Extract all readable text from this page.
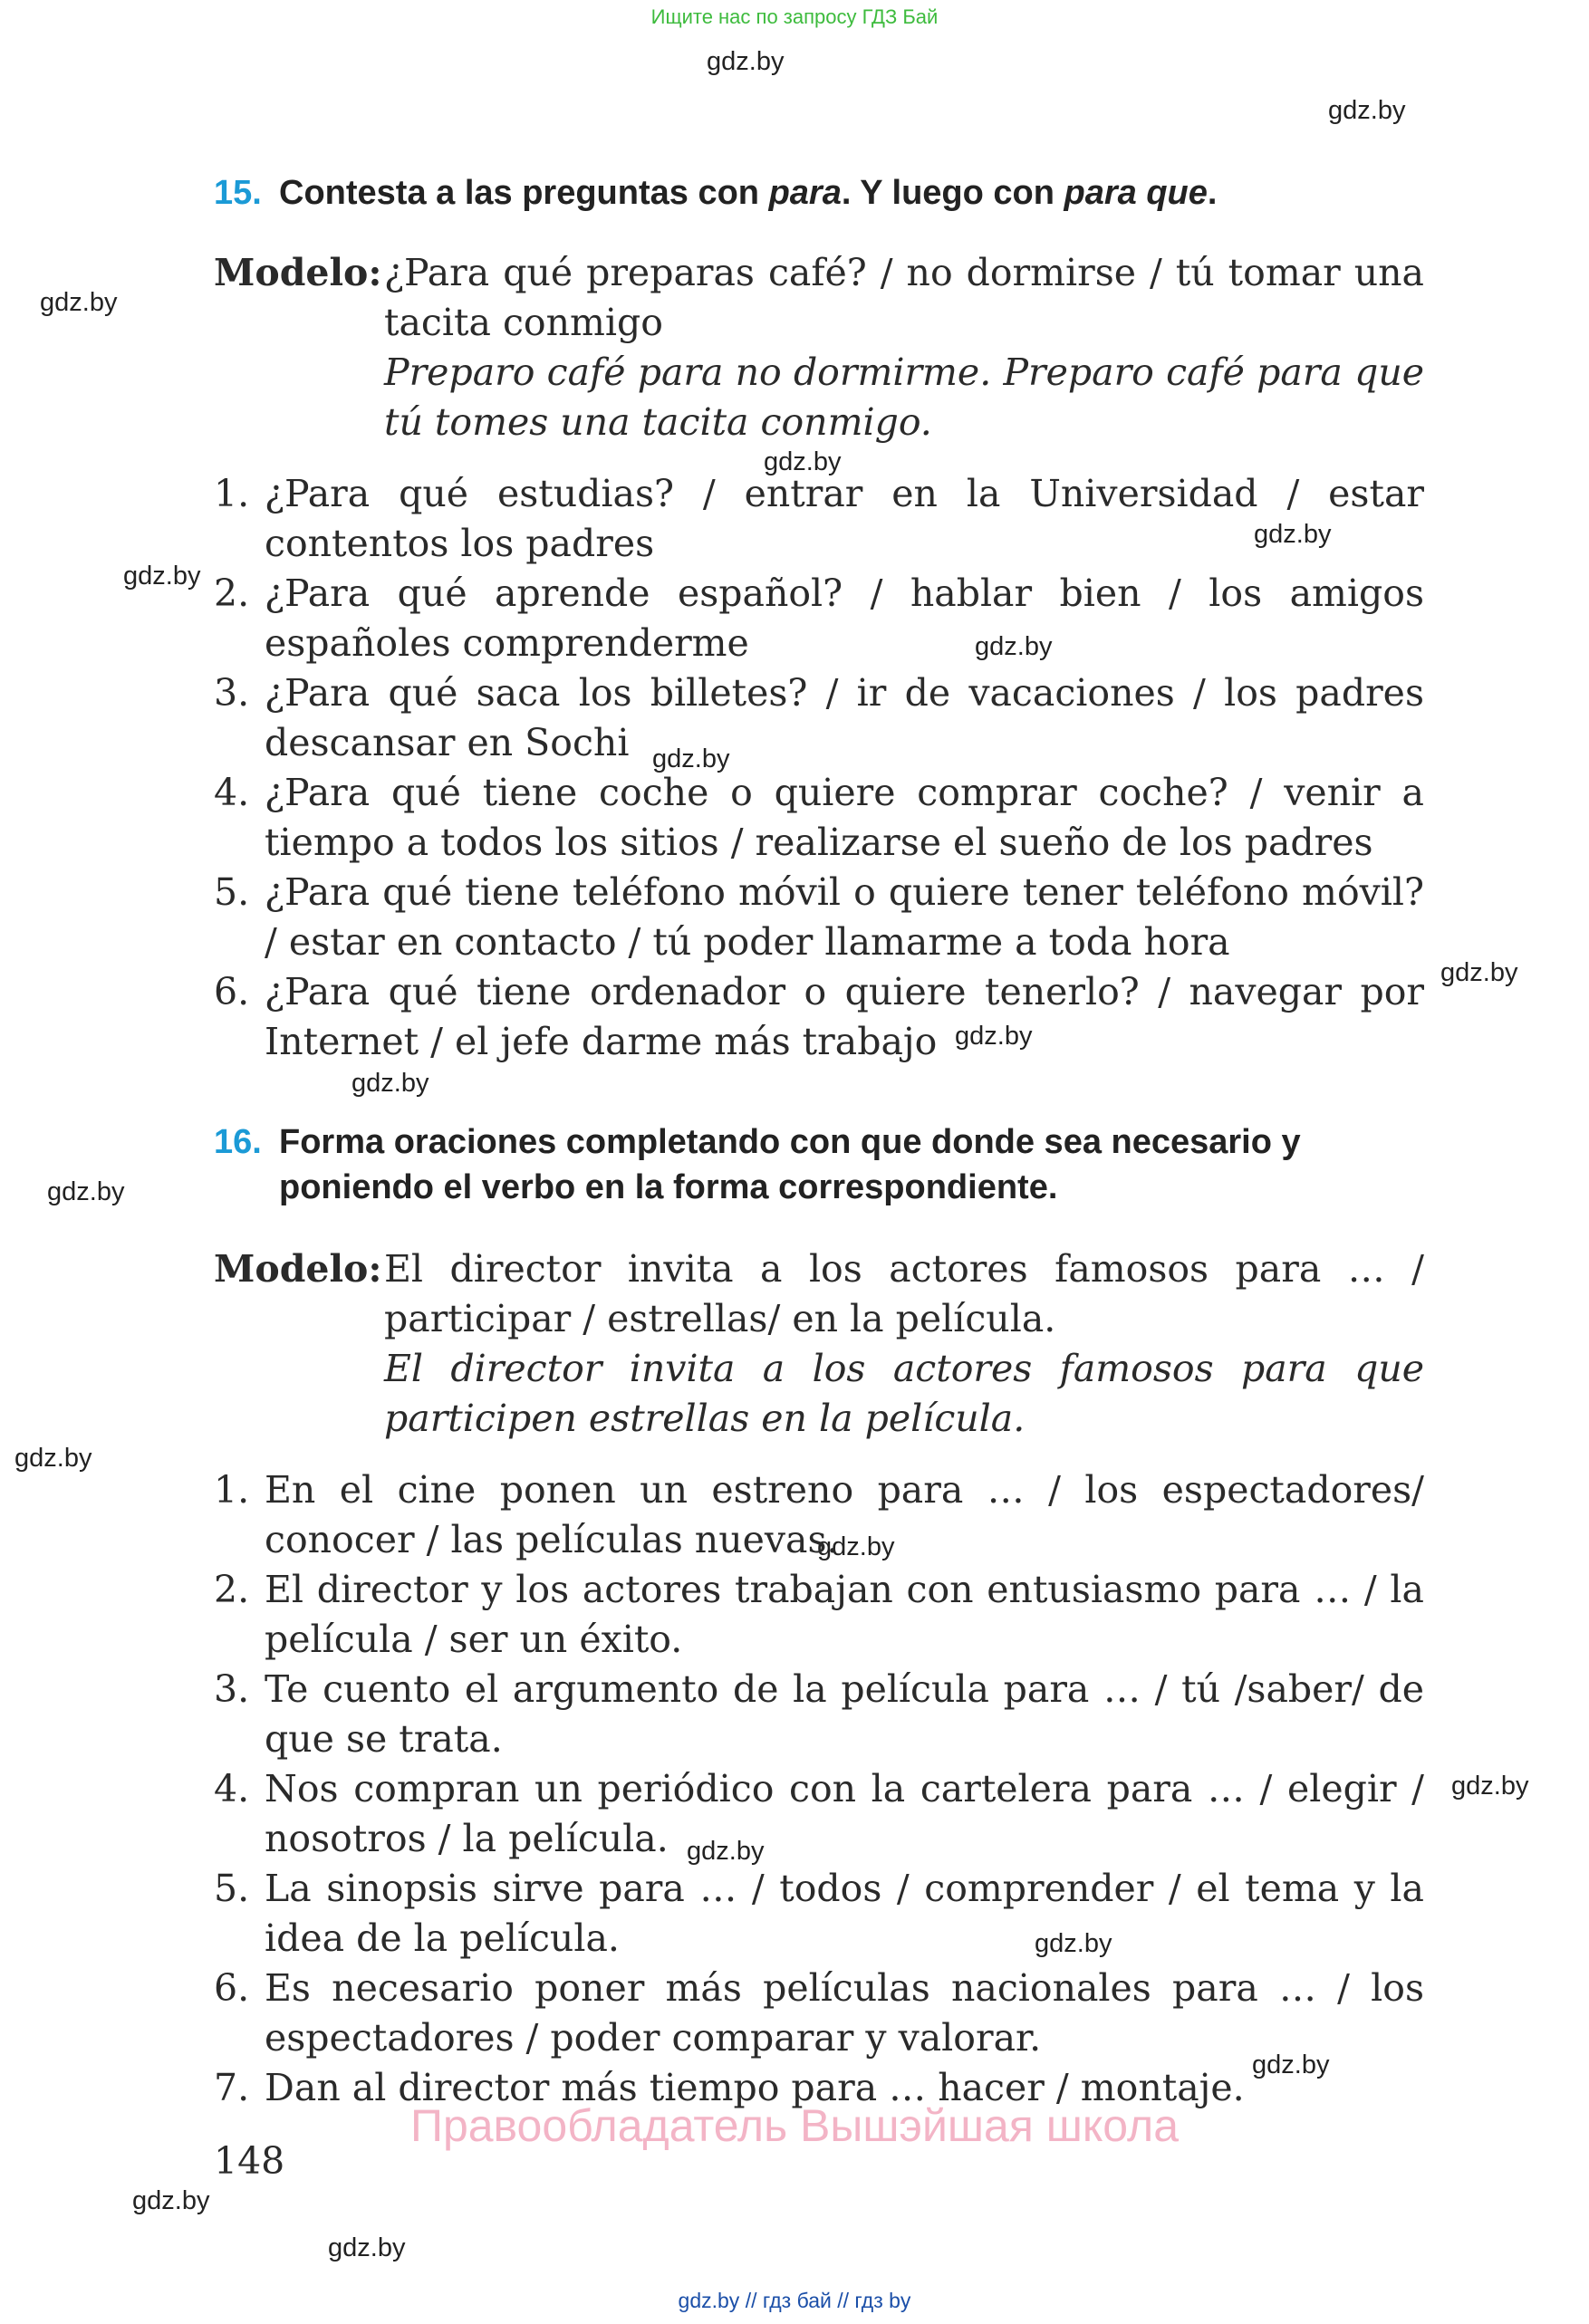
Ищите нас по запросу ГДЗ Бай
gdz.by
gdz.by
gdz.by
gdz.by
gdz.by
gdz.by
gdz.by
gdz.by
gdz.by
gdz.by
gdz.by
gdz.by
gdz.by
gdz.by
gdz.by
gdz.by
gdz.by
gdz.by
gdz.by
gdz.by
15. Contesta a las preguntas con para. Y luego con para que.
Modelo: ¿Para qué preparas café? / no dormirse / tú tomar una tacita conmigo
Preparo café para no dormirme. Preparo café para que tú tomes una tacita conmigo.
1. ¿Para qué estudias? / entrar en la Universidad / estar contentos los padres
2. ¿Para qué aprende español? / hablar bien / los amigos españoles comprenderme
3. ¿Para qué saca los billetes? / ir de vacaciones / los padres descansar en Sochi
4. ¿Para qué tiene coche o quiere comprar coche? / venir a tiempo a todos los sitios / realizarse el sueño de los padres
5. ¿Para qué tiene teléfono móvil o quiere tener teléfono móvil? / estar en contacto / tú poder llamarme a toda hora
6. ¿Para qué tiene ordenador o quiere tenerlo? / navegar por Internet / el jefe darme más trabajo
16. Forma oraciones completando con que donde sea necesario y poniendo el verbo en la forma correspondiente.
Modelo: El director invita a los actores famosos para … / participar / estrellas/ en la película.
El director invita a los actores famosos para que participen estrellas en la película.
1. En el cine ponen un estreno para … / los espectadores/ conocer / las películas nuevas.
2. El director y los actores trabajan con entusiasmo para … / la película / ser un éxito.
3. Te cuento el argumento de la película para … / tú /saber/ de que se trata.
4. Nos compran un periódico con la cartelera para … / elegir / nosotros / la película.
5. La sinopsis sirve para … / todos / comprender / el tema y la idea de la película.
6. Es necesario poner más películas nacionales para … / los espectadores / poder comparar y valorar.
7. Dan al director más tiempo para … hacer / montaje.
Правообладатель Вышэйшая школа
148
gdz.by // гдз бай // гдз by
